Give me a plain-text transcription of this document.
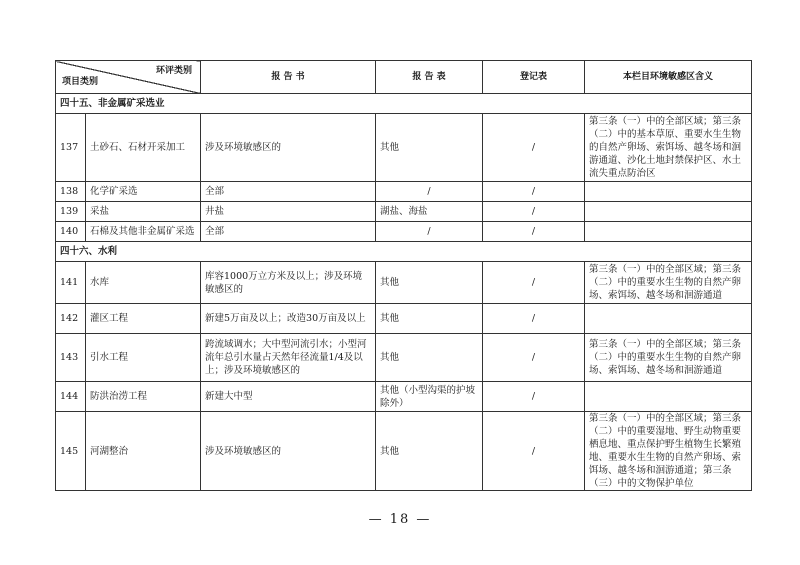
环评类别
项目类别		报 告 书	报 告 表	登记表	本栏目环境敏感区含义
四十五、非金属矿采选业					
137	土砂石、石材开采加工	涉及环境敏感区的	其他	/	第三条（一）中的全部区域；第三条（二）中的基本草原、重要水生生物的自然产卵场、索饵场、越冬场和洄游通道、沙化土地封禁保护区、水土流失重点防治区
138	化学矿采选	全部	/	/	
139	采盐	井盐	湖盐、海盐	/	
140	石棉及其他非金属矿采选	全部	/	/	
四十六、水利					
141	水库	库容1000万立方米及以上；涉及环境敏感区的	其他	/	第三条（一）中的全部区域；第三条（二）中的重要水生生物的自然产卵场、索饵场、越冬场和洄游通道
142	灌区工程	新建5万亩及以上；改造30万亩及以上	其他	/	
143	引水工程	跨流域调水；大中型河流引水；小型河流年总引水量占天然年径流量1/4及以上；涉及环境敏感区的	其他	/	第三条（一）中的全部区域；第三条（二）中的重要水生生物的自然产卵场、索饵场、越冬场和洄游通道
144	防洪治涝工程	新建大中型	其他（小型沟渠的护坡除外）	/	
145	河湖整治	涉及环境敏感区的	其他	/	第三条（一）中的全部区域；第三条（二）中的重要湿地、野生动物重要栖息地、重点保护野生植物生长繁殖地、重要水生生物的自然产卵场、索饵场、越冬场和洄游通道；第三条（三）中的文物保护单位
— 18 —
